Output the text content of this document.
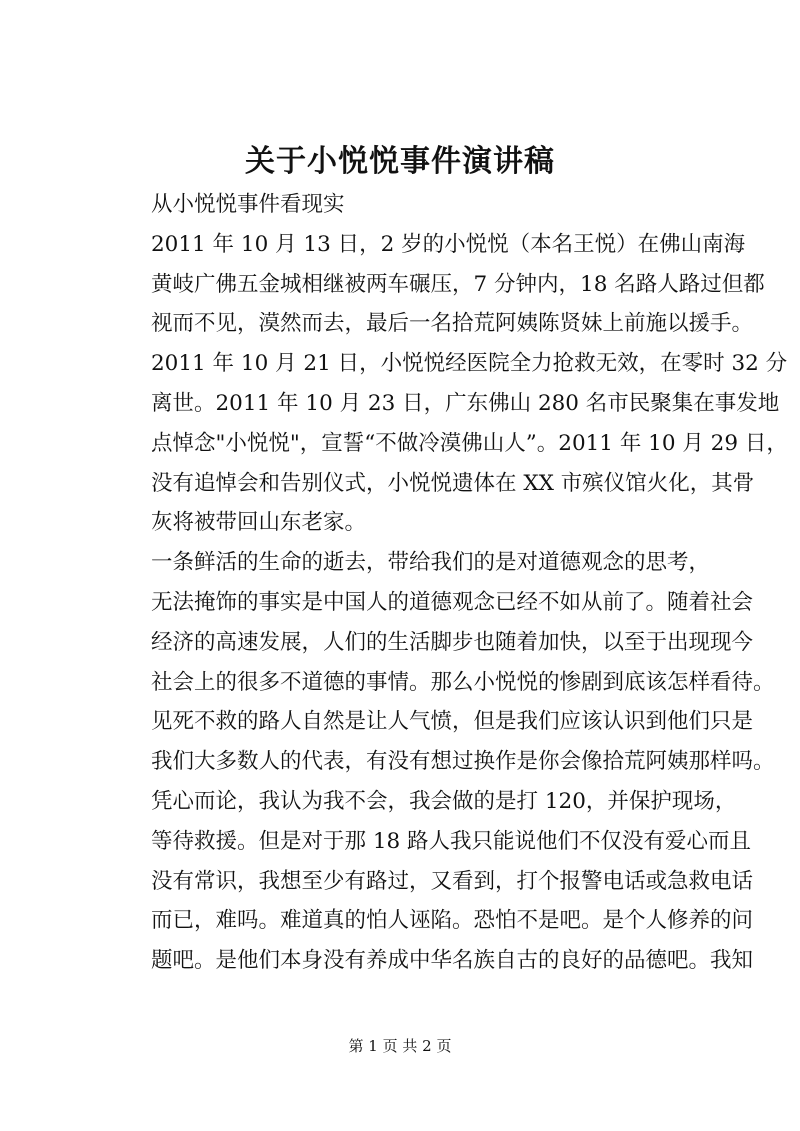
关于小悦悦事件演讲稿

从小悦悦事件看现实

2011 年 10 月 13 日，2 岁的小悦悦（本名王悦）在佛山南海
黄岐广佛五金城相继被两车碾压，7 分钟内，18 名路人路过但都
视而不见，漠然而去，最后一名拾荒阿姨陈贤妹上前施以援手。
2011 年 10 月 21 日，小悦悦经医院全力抢救无效，在零时 32 分
离世。2011 年 10 月 23 日，广东佛山 280 名市民聚集在事发地
点悼念"小悦悦"，宣誓“不做冷漠佛山人”。2011 年 10 月 29 日，
没有追悼会和告别仪式，小悦悦遗体在 XX 市殡仪馆火化，其骨
灰将被带回山东老家。

一条鲜活的生命的逝去，带给我们的是对道德观念的思考，
无法掩饰的事实是中国人的道德观念已经不如从前了。随着社会
经济的高速发展，人们的生活脚步也随着加快，以至于出现现今
社会上的很多不道德的事情。那么小悦悦的惨剧到底该怎样看待。
见死不救的路人自然是让人气愤，但是我们应该认识到他们只是
我们大多数人的代表，有没有想过换作是你会像拾荒阿姨那样吗。

凭心而论，我认为我不会，我会做的是打 120，并保护现场，
等待救援。但是对于那 18 路人我只能说他们不仅没有爱心而且
没有常识，我想至少有路过，又看到，打个报警电话或急救电话
而已，难吗。难道真的怕人诬陷。恐怕不是吧。是个人修养的问
题吧。是他们本身没有养成中华名族自古的良好的品德吧。我知

第 1 页 共 2 页
